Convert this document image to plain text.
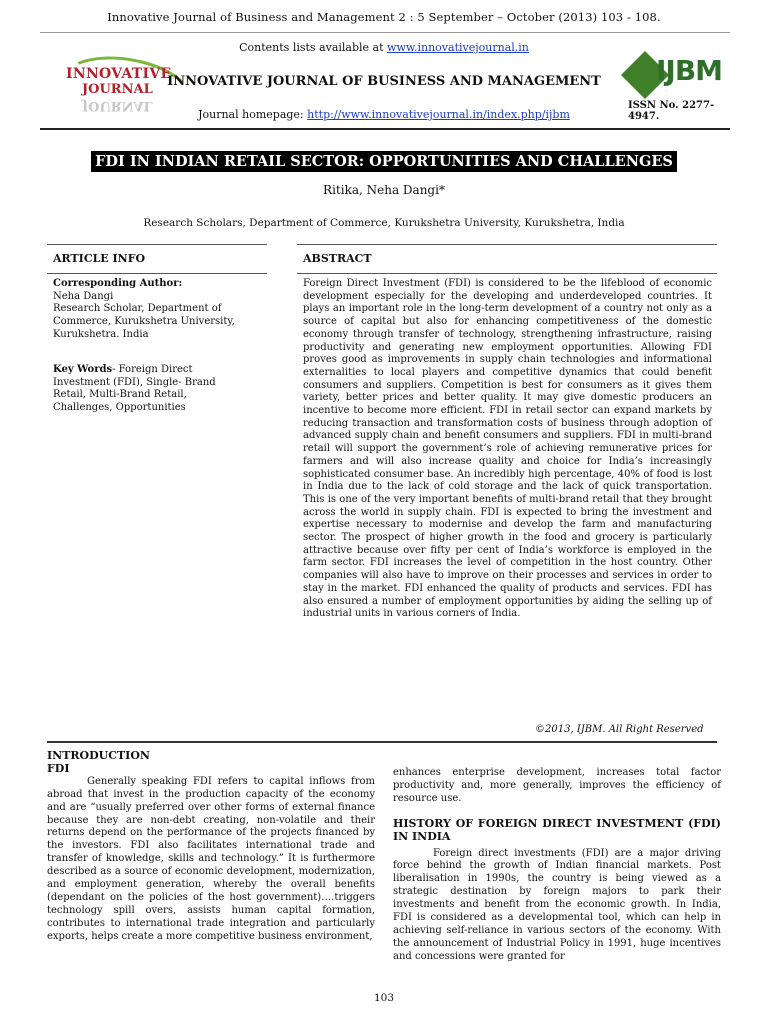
Innovative Journal of Business and Management 2 : 5 September – October (2013) 103 - 108.
INNOVATIVE
JOURNAL
JOURNAL
Contents lists available at www.innovativejournal.in
INNOVATIVE JOURNAL OF BUSINESS AND MANAGEMENT
Journal homepage: http://www.innovativejournal.in/index.php/ijbm
IJBM
ISSN No. 2277-4947.
FDI IN INDIAN RETAIL SECTOR: OPPORTUNITIES AND CHALLENGES
Ritika, Neha Dangi*
Research Scholars, Department of Commerce, Kurukshetra University, Kurukshetra, India
ARTICLE INFO
Corresponding Author:
Neha Dangi
Research Scholar, Department of
Commerce, Kurukshetra University,
Kurukshetra. India
Key Words- Foreign Direct
Investment (FDI), Single- Brand
Retail, Multi-Brand Retail,
Challenges, Opportunities
ABSTRACT

Foreign Direct Investment (FDI) is considered to be the lifeblood of economic development especially for the developing and underdeveloped countries. It plays an important role in the long-term development of a country not only as a source of capital but also for enhancing competitiveness of the domestic economy through transfer of technology, strengthening infrastructure, raising productivity and generating new employment opportunities. Allowing FDI proves good as improvements in supply chain technologies and informational externalities to local players and competitive dynamics that could benefit consumers and suppliers. Competition is best for consumers as it gives them variety, better prices and better quality. It may give domestic producers an incentive to become more efficient. FDI in retail sector can expand markets by reducing transaction and transformation costs of business through adoption of advanced supply chain and benefit consumers and suppliers. FDI in multi-brand retail will support the government’s role of achieving remunerative prices for farmers and will also increase quality and choice for India’s increasingly sophisticated consumer base. An incredibly high percentage, 40% of food is lost in India due to the lack of cold storage and the lack of quick transportation. This is one of the very important benefits of multi-brand retail that they brought across the world in supply chain. FDI is expected to bring the investment and expertise necessary to modernise and develop the farm and manufacturing sector. The prospect of higher growth in the food and grocery is particularly attractive because over fifty per cent of India’s workforce is employed in the farm sector. FDI increases the level of competition in the host country. Other companies will also have to improve on their processes and services in order to stay in the market. FDI enhanced the quality of products and services. FDI has also ensured a number of employment opportunities by aiding the selling up of industrial units in various corners of India.

©2013, IJBM. All Right Reserved
INTRODUCTION
FDI

Generally speaking FDI refers to capital inflows from abroad that invest in the production capacity of the economy and are “usually preferred over other forms of external finance because they are non-debt creating, non-volatile and their returns depend on the performance of the projects financed by the investors. FDI also facilitates international trade and transfer of knowledge, skills and technology.” It is furthermore described as a source of economic development, modernization, and employment generation, whereby the overall benefits (dependant on the policies of the host government)….triggers technology spill overs, assists human capital formation, contributes to international trade integration and particularly exports, helps create a more competitive business environment,

enhances enterprise development, increases total factor productivity and, more generally, improves the efficiency of resource use.

HISTORY OF FOREIGN DIRECT INVESTMENT (FDI) IN INDIA

Foreign direct investments (FDI) are a major driving force behind the growth of Indian financial markets. Post liberalisation in 1990s, the country is being viewed as a strategic destination by foreign majors to park their investments and benefit from the economic growth. In India, FDI is considered as a developmental tool, which can help in achieving self-reliance in various sectors of the economy. With the announcement of Industrial Policy in 1991, huge incentives and concessions were granted for

103
